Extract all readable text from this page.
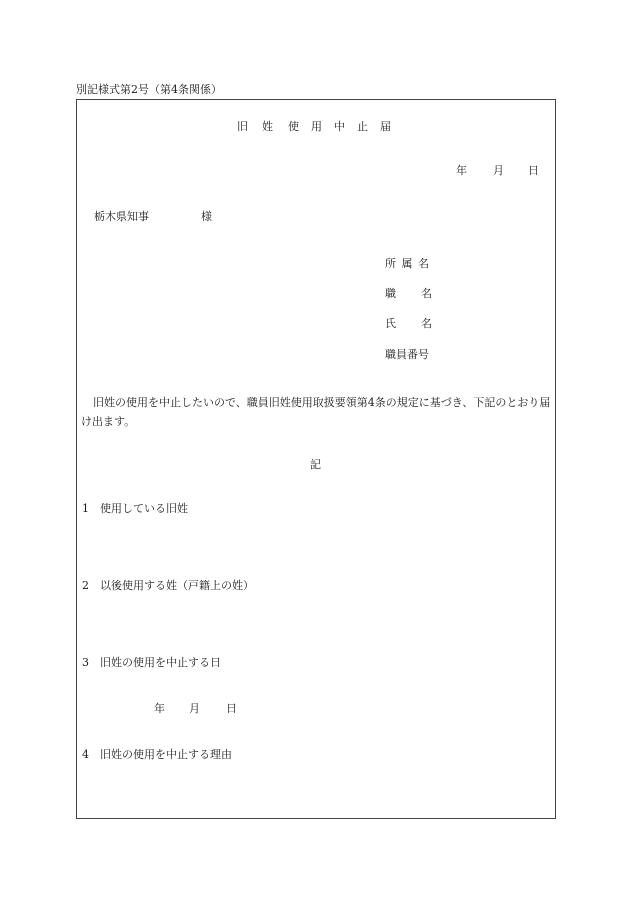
別記様式第2号（第4条関係）
旧 姓 使 用 中 止 届
年 月 日
栃木県知事	様
所 属 名
職 名
氏 名
職員番号
旧姓の使用を中止したいので、職員旧姓使用取扱要領第4条の規定に基づき、下記のとおり届け出ます。
記
1 使用している旧姓
2 以後使用する姓（戸籍上の姓）
3 旧姓の使用を中止する日
年 月 日
4 旧姓の使用を中止する理由
